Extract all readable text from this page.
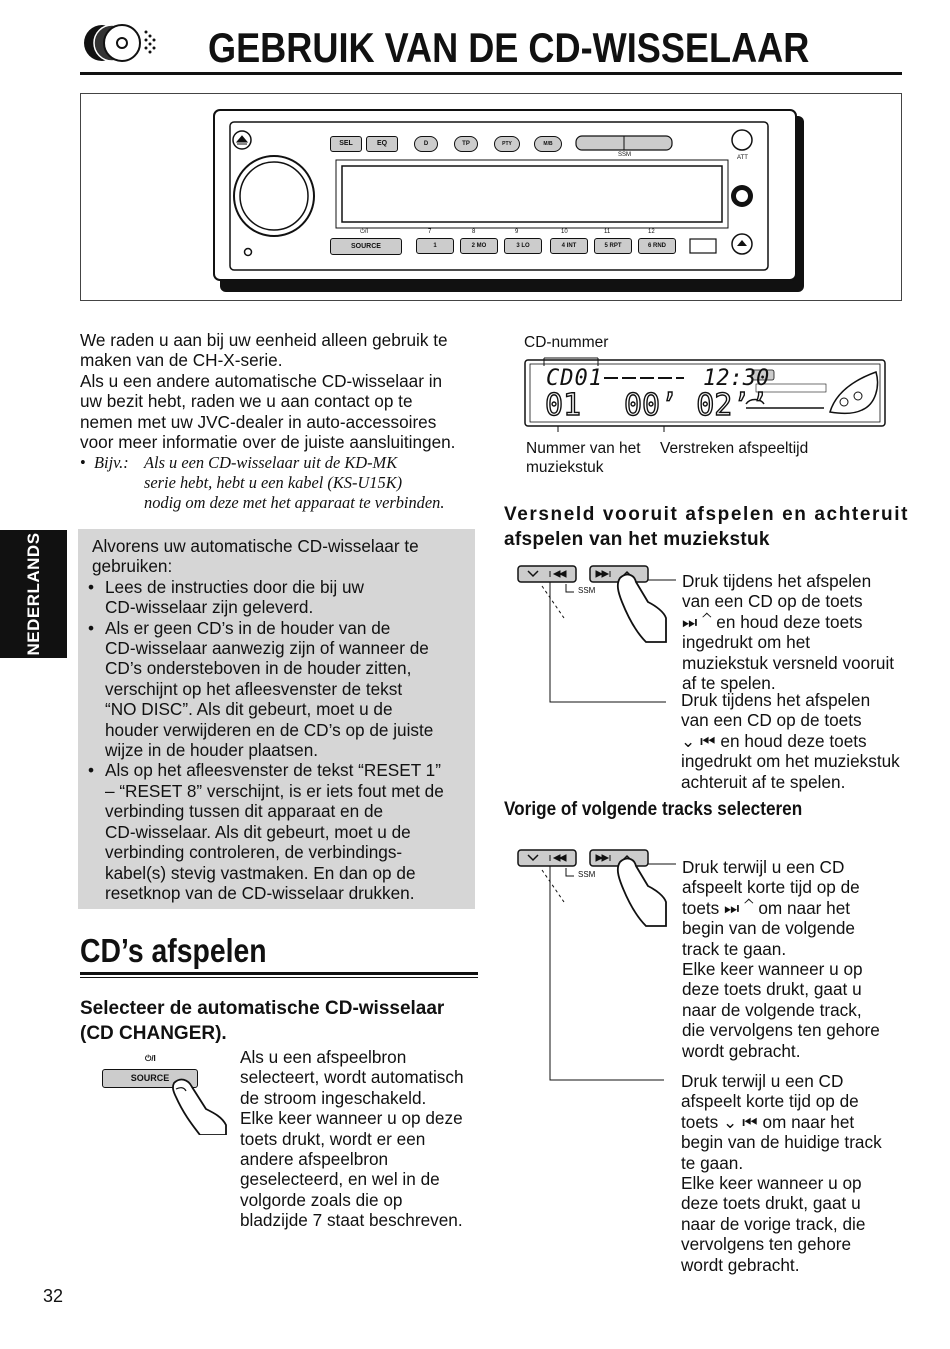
GEBRUIK VAN DE CD-WISSELAAR
SEL	EQ	D	TP	PTY	M/B
SSM	ATT
⏻/I
SOURCE
7	8	9	10	11	12
1	2 MO	3 LO	4 INT	5 RPT	6 RND
We raden u aan bij uw eenheid alleen gebruik te
maken van de CH-X-serie.
Als u een andere automatische CD-wisselaar in
uw bezit hebt, raden we u aan contact op te
nemen met uw JVC-dealer in auto-accessoires
voor meer informatie over de juiste aansluitingen.
• Bijv.: Als u een CD-wisselaar uit de KD-MK
serie hebt, hebt u een kabel (KS-U15K)
nodig om deze met het apparaat te verbinden.
NEDERLANDS	Alvorens uw automatische CD-wisselaar te
gebruiken:
• Lees de instructies door die bij uw
CD-wisselaar zijn geleverd.
• Als er geen CD’s in de houder van de
CD-wisselaar aanwezig zijn of wanneer de
CD’s ondersteboven in de houder zitten,
verschijnt op het afleesvenster de tekst
“NO DISC”. Als dit gebeurt, moet u de
houder verwijderen en de CD’s op de juiste
wijze in de houder plaatsen.
• Als op het afleesvenster de tekst “RESET 1”
– “RESET 8” verschijnt, is er iets fout met de
verbinding tussen dit apparaat en de
CD-wisselaar. Als dit gebeurt, moet u de
verbinding controleren, de verbindings-
kabel(s) stevig vastmaken. En dan op de
resetknop van de CD-wisselaar drukken.
CD’s afspelen
Selecteer de automatische CD-wisselaar
(CD CHANGER).
⏻/I
SOURCE
Als u een afspeelbron
selecteert, wordt automatisch
de stroom ingeschakeld.
Elke keer wanneer u op deze
toets drukt, wordt er een
andere afspeelbron
geselecteerd, en wel in de
volgorde zoals die op
bladzijde 7 staat beschreven.
CD-nummer
CD01	12:30
01 00’ 02’’
Nummer van het
muziekstuk
Verstreken afspeeltijd
Versneld vooruit afspelen en achteruit
afspelen van het muziekstuk
SSM	Druk tijdens het afspelen
van een CD op de toets
⏭ ⌃ en houd deze toets
ingedrukt om het
muziekstuk versneld vooruit
af te spelen.
Druk tijdens het afspelen
van een CD op de toets
⌄ ⏮ en houd deze toets
ingedrukt om het muziekstuk
achteruit af te spelen.
Vorige of volgende tracks selecteren
SSM	Druk terwijl u een CD
afspeelt korte tijd op de
toets ⏭ ⌃ om naar het
begin van de volgende
track te gaan.
Elke keer wanneer u op
deze toets drukt, gaat u
naar de volgende track,
die vervolgens ten gehore
wordt gebracht.
Druk terwijl u een CD
afspeelt korte tijd op de
toets ⌄ ⏮ om naar het
begin van de huidige track
te gaan.
Elke keer wanneer u op
deze toets drukt, gaat u
naar de vorige track, die
vervolgens ten gehore
wordt gebracht.
32
